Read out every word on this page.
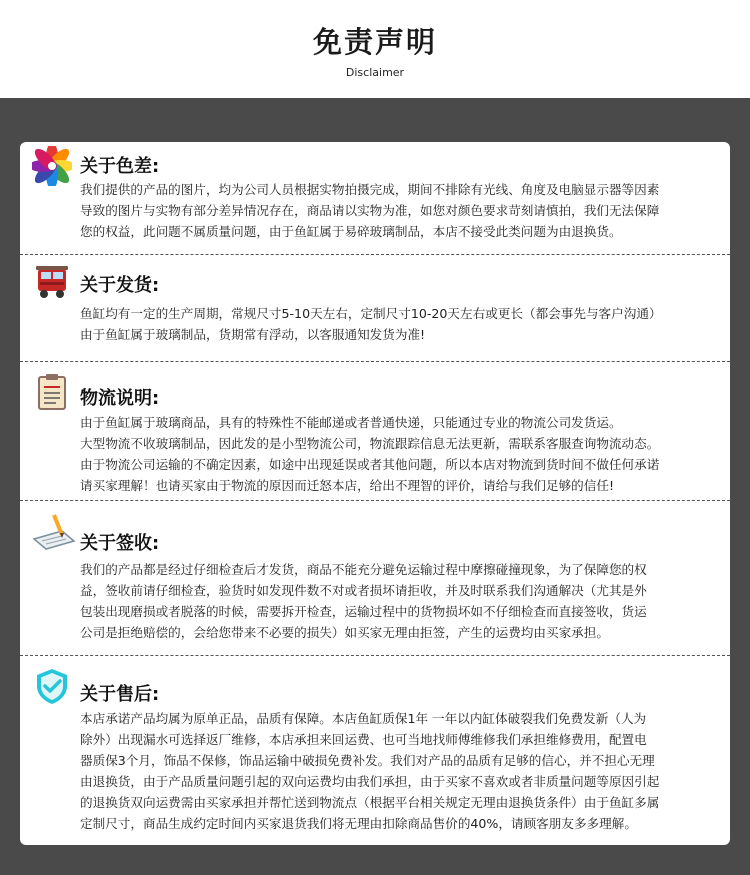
免责声明
Disclaimer
关于色差:
我们提供的产品的图片，均为公司人员根据实物拍摄完成，期间不排除有光线、角度及电脑显示器等因素
导致的图片与实物有部分差异情况存在，商品请以实物为准，如您对颜色要求苛刻请慎拍，我们无法保障
您的权益，此问题不属质量问题，由于鱼缸属于易碎玻璃制品，本店不接受此类问题为由退换货。
关于发货:
鱼缸均有一定的生产周期，常规尺寸5-10天左右，定制尺寸10-20天左右或更长（都会事先与客户沟通）
由于鱼缸属于玻璃制品，货期常有浮动，以客服通知发货为准!
物流说明:
由于鱼缸属于玻璃商品，具有的特殊性不能邮递或者普通快递，只能通过专业的物流公司发货运。
大型物流不收玻璃制品，因此发的是小型物流公司，物流跟踪信息无法更新，需联系客服查询物流动态。
由于物流公司运输的不确定因素，如途中出现延误或者其他问题，所以本店对物流到货时间不做任何承诺
请买家理解！也请买家由于物流的原因而迁怒本店，给出不理智的评价，请给与我们足够的信任!
关于签收:
我们的产品都是经过仔细检查后才发货，商品不能充分避免运输过程中摩擦碰撞现象，为了保障您的权
益，签收前请仔细检查，验货时如发现件数不对或者损坏请拒收，并及时联系我们沟通解决（尤其是外
包装出现磨损或者脱落的时候，需要拆开检查，运输过程中的货物损坏如不仔细检查而直接签收，货运
公司是拒绝赔偿的，会给您带来不必要的损失）如买家无理由拒签，产生的运费均由买家承担。
关于售后:
本店承诺产品均属为原单正品，品质有保障。本店鱼缸质保1年 一年以内缸体破裂我们免费发新（人为
除外）出现漏水可选择返厂维修，本店承担来回运费、也可当地找师傅维修我们承担维修费用，配置电
器质保3个月，饰品不保修，饰品运输中破损免费补发。我们对产品的品质有足够的信心，并不担心无理
由退换货，由于产品质量问题引起的双向运费均由我们承担，由于买家不喜欢或者非质量问题等原因引起
的退换货双向运费需由买家承担并帮忙送到物流点（根据平台相关规定无理由退换货条件）由于鱼缸多属
定制尺寸，商品生成约定时间内买家退货我们将无理由扣除商品售价的40%，请顾客朋友多多理解。
